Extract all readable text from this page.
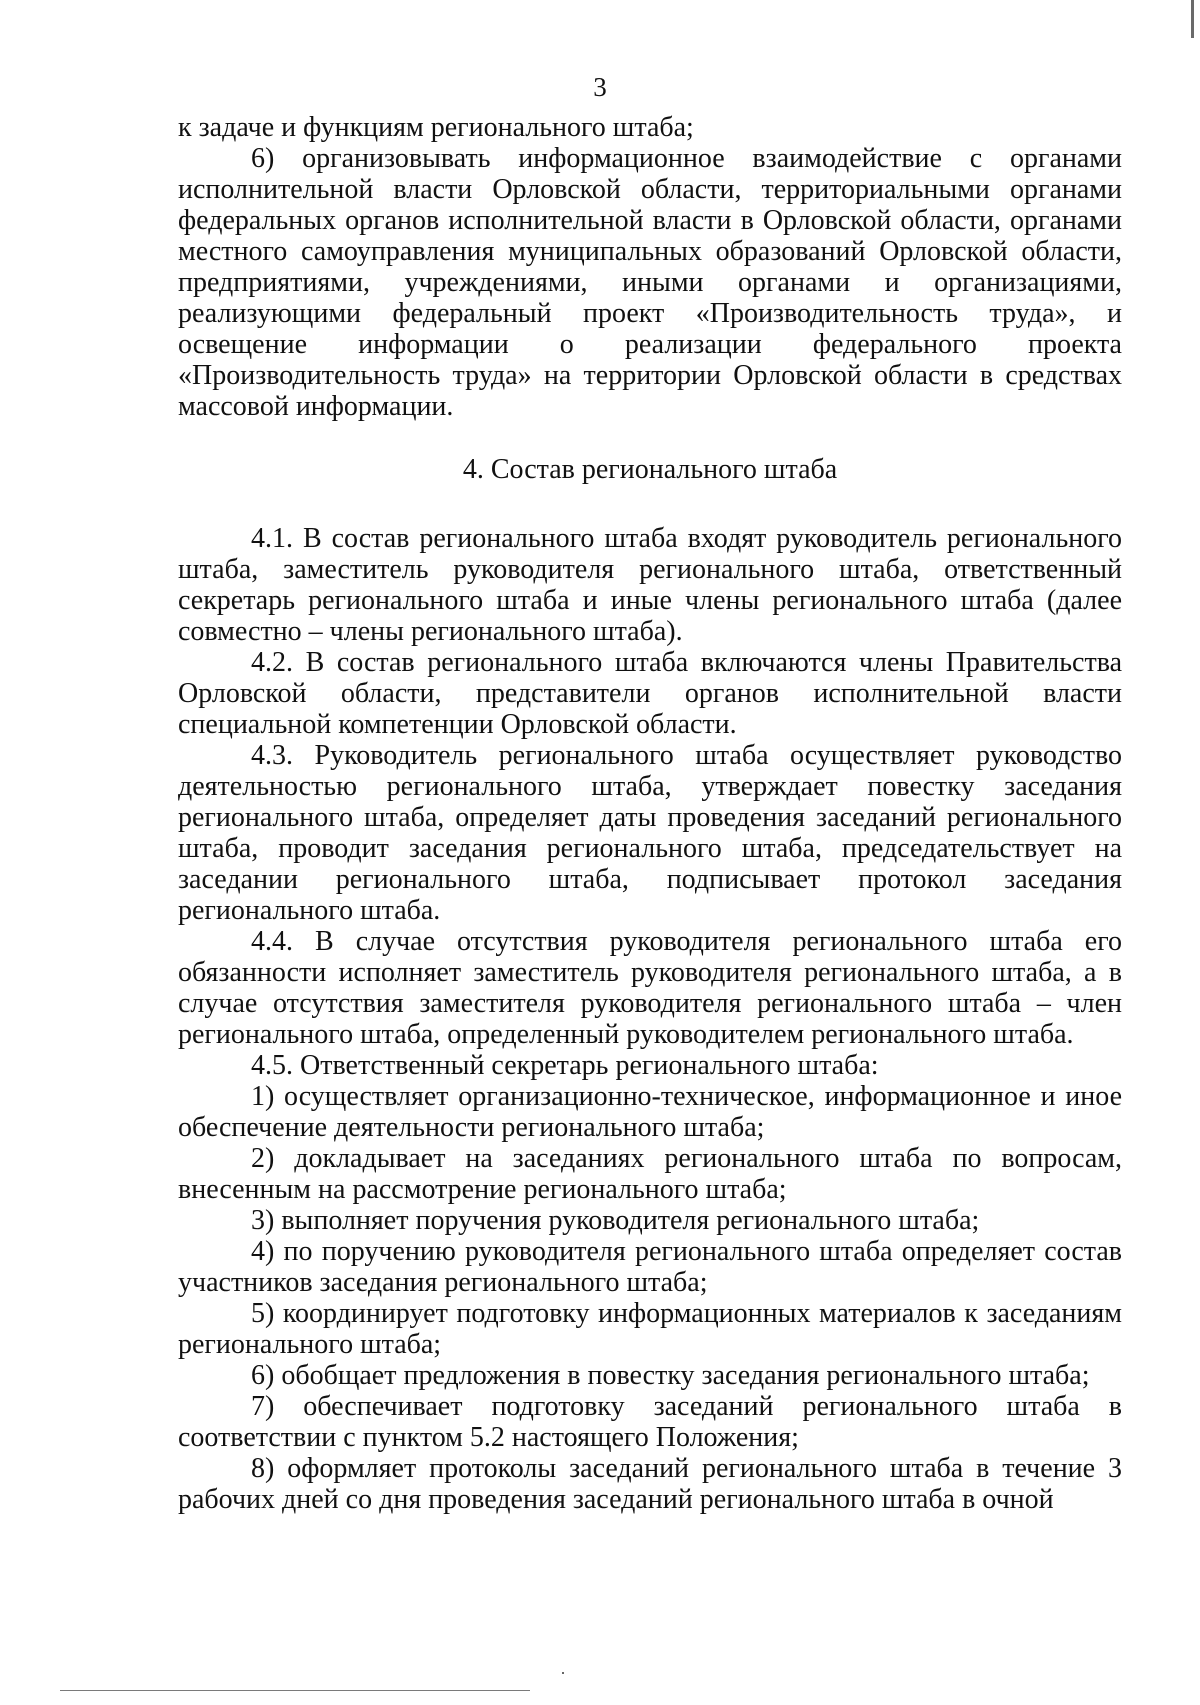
3

к задаче и функциям регионального штаба;

6) организовывать информационное взаимодействие с органами исполнительной власти Орловской области, территориальными органами федеральных органов исполнительной власти в Орловской области, органами местного самоуправления муниципальных образований Орловской области, предприятиями, учреждениями, иными органами и организациями, реализующими федеральный проект «Производительность труда», и освещение информации о реализации федерального проекта «Производительность труда» на территории Орловской области в средствах массовой информации.

4. Состав регионального штаба

4.1. В состав регионального штаба входят руководитель регионального штаба, заместитель руководителя регионального штаба, ответственный секретарь регионального штаба и иные члены регионального штаба (далее совместно – члены регионального штаба).

4.2. В состав регионального штаба включаются члены Правительства Орловской области, представители органов исполнительной власти специальной компетенции Орловской области.

4.3. Руководитель регионального штаба осуществляет руководство деятельностью регионального штаба, утверждает повестку заседания регионального штаба, определяет даты проведения заседаний регионального штаба, проводит заседания регионального штаба, председательствует на заседании регионального штаба, подписывает протокол заседания регионального штаба.

4.4. В случае отсутствия руководителя регионального штаба его обязанности исполняет заместитель руководителя регионального штаба, а в случае отсутствия заместителя руководителя регионального штаба – член регионального штаба, определенный руководителем регионального штаба.

4.5. Ответственный секретарь регионального штаба:

1) осуществляет организационно-техническое, информационное и иное обеспечение деятельности регионального штаба;

2) докладывает на заседаниях регионального штаба по вопросам, внесенным на рассмотрение регионального штаба;

3) выполняет поручения руководителя регионального штаба;

4) по поручению руководителя регионального штаба определяет состав участников заседания регионального штаба;

5) координирует подготовку информационных материалов к заседаниям регионального штаба;

6) обобщает предложения в повестку заседания регионального штаба;

7) обеспечивает подготовку заседаний регионального штаба в соответствии с пунктом 5.2 настоящего Положения;

8) оформляет протоколы заседаний регионального штаба в течение 3 рабочих дней со дня проведения заседаний регионального штаба в очной
